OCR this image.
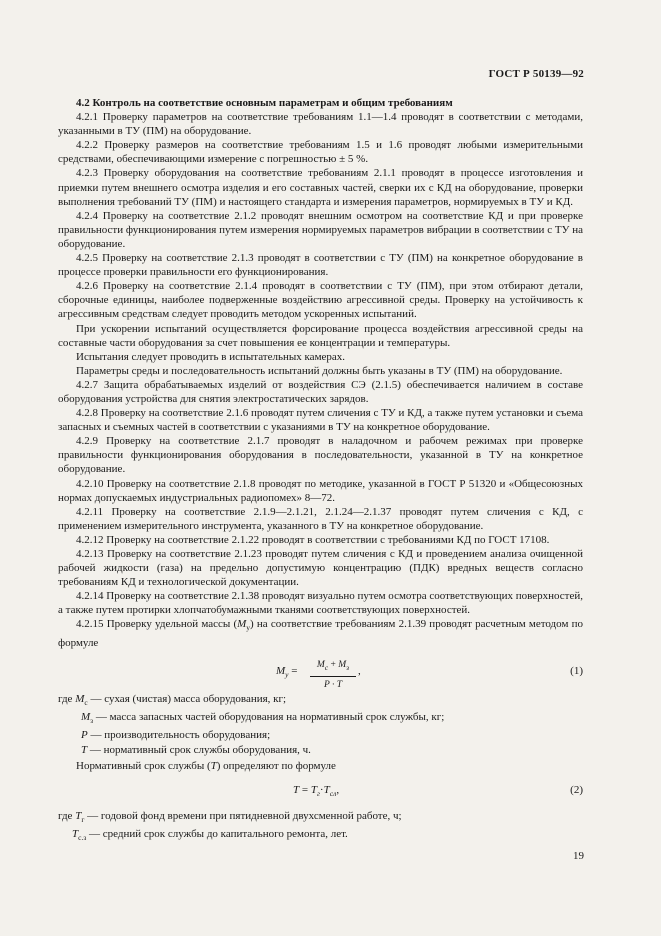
ГОСТ Р 50139—92

4.2 Контроль на соответствие основным параметрам и общим требованиям

4.2.1 Проверку параметров на соответствие требованиям 1.1—1.4 проводят в соответствии с методами, указанными в ТУ (ПМ) на оборудование.

4.2.2 Проверку размеров на соответствие требованиям 1.5 и 1.6 проводят любыми измерительными средствами, обеспечивающими измерение с погрешностью ± 5 %.

4.2.3 Проверку оборудования на соответствие требованиям 2.1.1 проводят в процессе изготовления и приемки путем внешнего осмотра изделия и его составных частей, сверки их с КД на оборудование, проверки выполнения требований ТУ (ПМ) и настоящего стандарта и измерения параметров, нормируемых в ТУ и КД.

4.2.4 Проверку на соответствие 2.1.2 проводят внешним осмотром на соответствие КД и при проверке правильности функционирования путем измерения нормируемых параметров вибрации в соответствии с ТУ на оборудование.

4.2.5 Проверку на соответствие 2.1.3 проводят в соответствии с ТУ (ПМ) на конкретное оборудование в процессе проверки правильности его функционирования.

4.2.6 Проверку на соответствие 2.1.4 проводят в соответствии с ТУ (ПМ), при этом отбирают детали, сборочные единицы, наиболее подверженные воздействию агрессивной среды. Проверку на устойчивость к агрессивным средствам следует проводить методом ускоренных испытаний.

При ускорении испытаний осуществляется форсирование процесса воздействия агрессивной среды на составные части оборудования за счет повышения ее концентрации и температуры.

Испытания следует проводить в испытательных камерах.

Параметры среды и последовательность испытаний должны быть указаны в ТУ (ПМ) на оборудование.

4.2.7 Защита обрабатываемых изделий от воздействия СЭ (2.1.5) обеспечивается наличием в составе оборудования устройства для снятия электростатических зарядов.

4.2.8 Проверку на соответствие 2.1.6 проводят путем сличения с ТУ и КД, а также путем установки и съема запасных и съемных частей в соответствии с указаниями в ТУ на конкретное оборудование.

4.2.9 Проверку на соответствие 2.1.7 проводят в наладочном и рабочем режимах при проверке правильности функционирования оборудования в последовательности, указанной в ТУ на конкретное оборудование.

4.2.10 Проверку на соответствие 2.1.8 проводят по методике, указанной в ГОСТ Р 51320 и «Общесоюзных нормах допускаемых индустриальных радиопомех» 8—72.

4.2.11 Проверку на соответствие 2.1.9—2.1.21, 2.1.24—2.1.37 проводят путем сличения с КД, с применением измерительного инструмента, указанного в ТУ на конкретное оборудование.

4.2.12 Проверку на соответствие 2.1.22 проводят в соответствии с требованиями КД по ГОСТ 17108.

4.2.13 Проверку на соответствие 2.1.23 проводят путем сличения с КД и проведением анализа очищенной рабочей жидкости (газа) на предельно допустимую концентрацию (ПДК) вредных веществ согласно требованиям КД и технологической документации.

4.2.14 Проверку на соответствие 2.1.38 проводят визуально путем осмотра соответствующих поверхностей, а также путем протирки хлопчатобумажными тканями соответствующих поверхностей.

4.2.15 Проверку удельной массы $(M_у)$ на соответствие требованиям 2.1.39 проводят расчетным методом по формуле

$M_у$ =	$M_с + M_з$
P · T
,	(1)

где $M_с$ — сухая (чистая) масса оборудования, кг;

$M_з$ — масса запасных частей оборудования на нормативный срок службы, кг;

P — производительность оборудования;

T — нормативный срок службы оборудования, ч.

Нормативный срок службы (T) определяют по формуле

$T = T_г\cdot T_{сл}$,	(2)

где $T_г$ — годовой фонд времени при пятидневной двухсменной работе, ч;

$T_{с.з}$ — средний срок службы до капитального ремонта, лет.

19
